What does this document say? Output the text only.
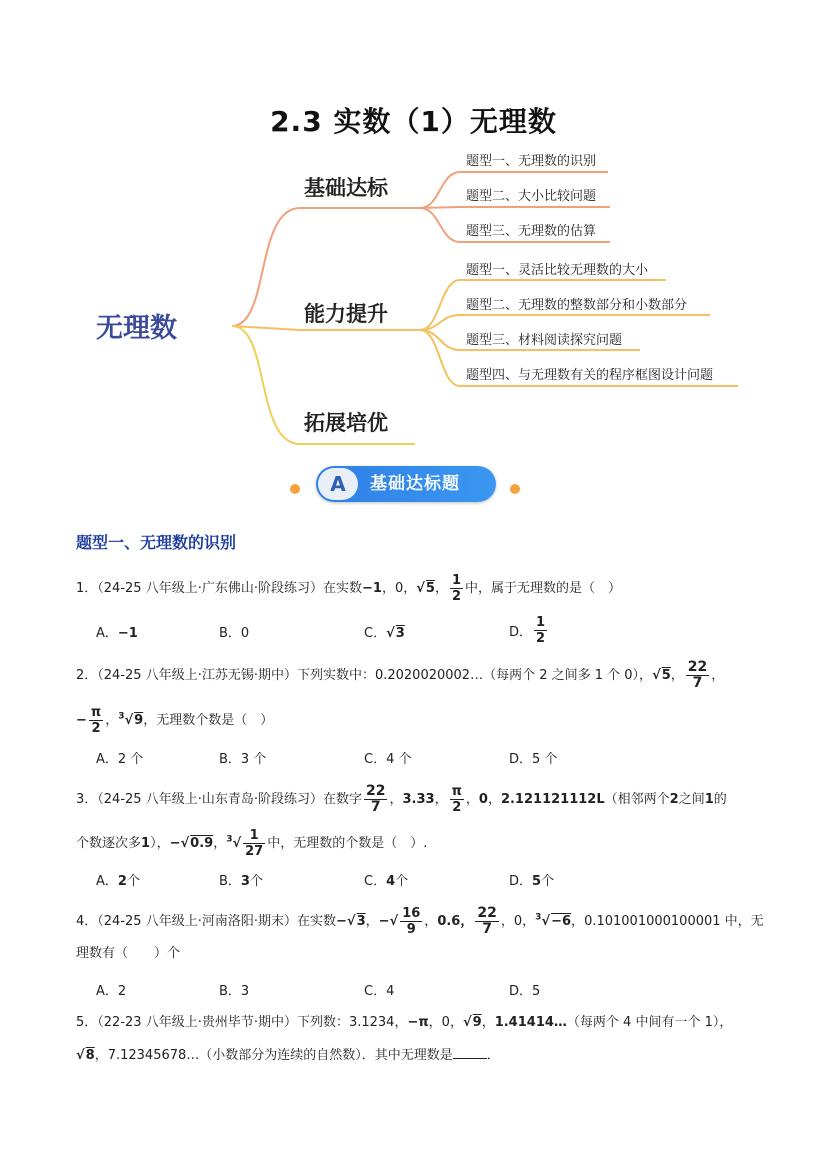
2.3 实数（1）无理数
无理数
基础达标
能力提升
拓展培优
题型一、无理数的识别
题型二、大小比较问题
题型三、无理数的估算
题型一、灵活比较无理数的大小
题型二、无理数的整数部分和小数部分
题型三、材料阅读探究问题
题型四、与无理数有关的程序框图设计问题
A	基础达标题
题型一、无理数的识别
1．（24-25 八年级上·广东佛山·阶段练习）在实数−1，0，√5， $\frac{1}{2}$ 中，属于无理数的是（　）
A．−1	B．0	C．√3	D． $\frac{1}{2}$
2．（24-25 八年级上·江苏无锡·期中）下列实数中：0.2020020002…（每两个 2 之间多 1 个 0），√5， $\frac{22}{7}$ ，
− $\frac{\pi}{2}$ ，$^3$√9，无理数个数是（　）
A．2 个	B．3 个	C．4 个	D．5 个
3．（24-25 八年级上·山东青岛·阶段练习）在数字 $\frac{22}{7}$ ，3.33， $\frac{\pi}{2}$ ，0，2.121121112L（相邻两个2之间1的
个数逐次多1），−√0.9，$^3√ \frac{1}{27}$ 中，无理数的个数是（　）.
A．2个	B．3个	C．4个	D．5个
4．（24-25 八年级上·河南洛阳·期末）在实数−√3，−√ $\frac{16}{9}$ ，0.6， $\frac{22}{7}$ ，0，$^3$√−6，0.101001000100001 中，无
理数有（　　）个
A．2	B．3	C．4	D．5
5．（22-23 八年级上·贵州毕节·期中）下列数：3.1234，−π，0，√9，1.41414…（每两个 4 中间有一个 1），
√8，7.12345678…（小数部分为连续的自然数）．其中无理数是	．
